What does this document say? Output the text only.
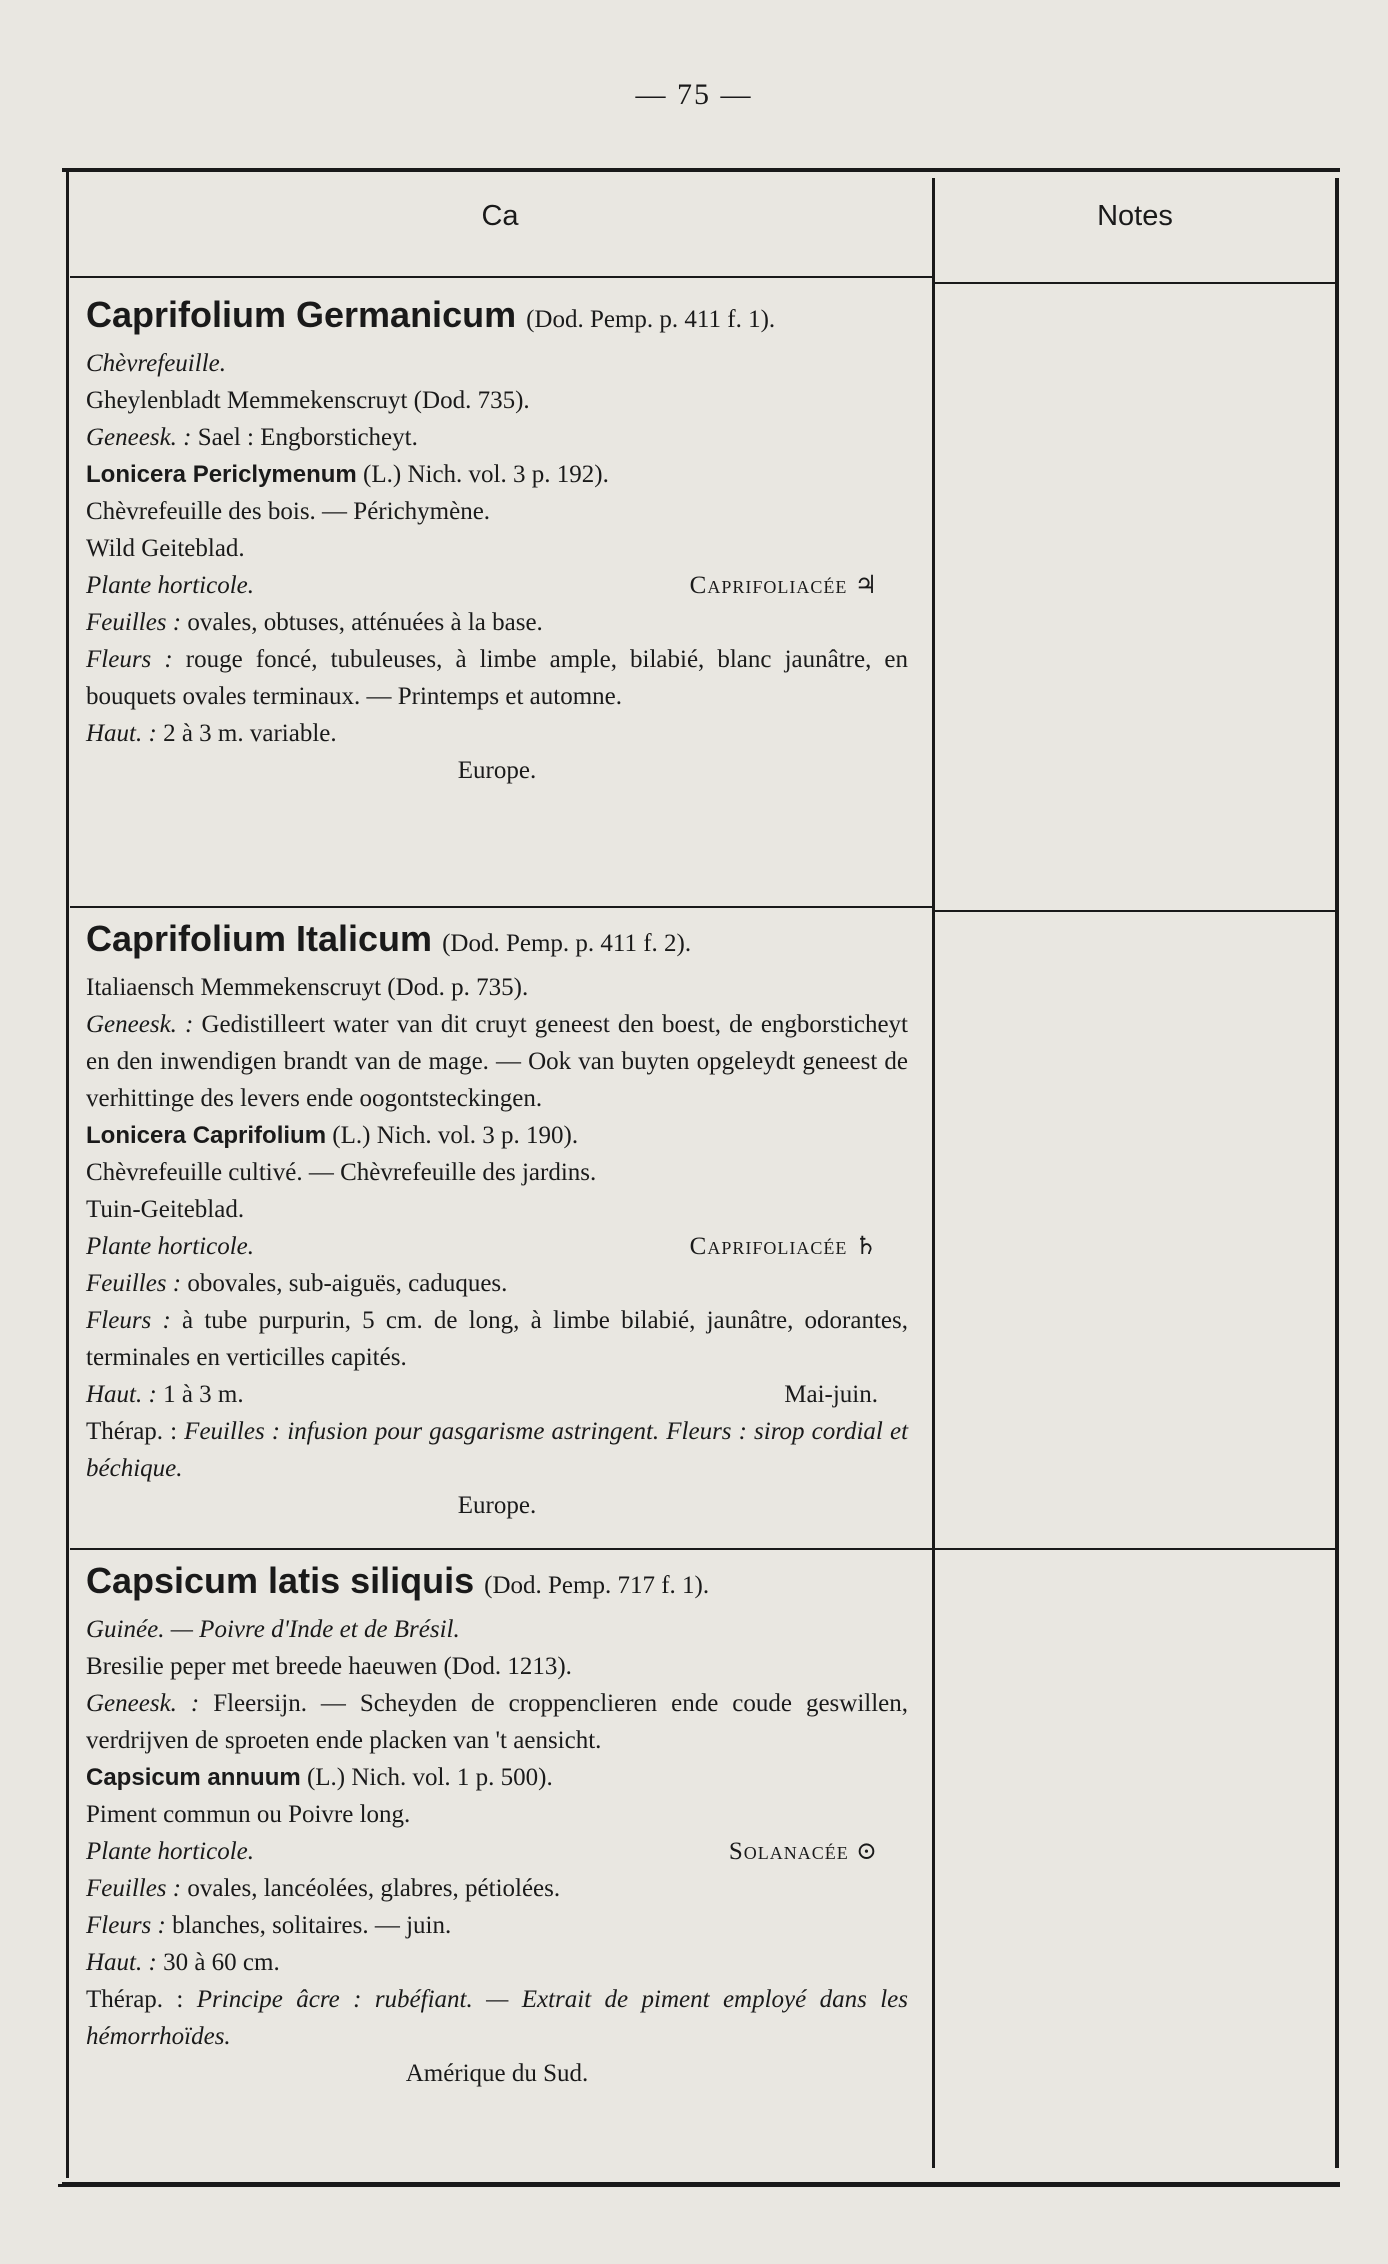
— 75 —
Ca	Notes
Caprifolium Germanicum (Dod. Pemp. p. 411 f. 1).
Chèvrefeuille.
Gheylenbladt Memmekenscruyt (Dod. 735).
Geneesk. : Sael : Engborsticheyt.
Lonicera Periclymenum (L.) Nich. vol. 3 p. 192).
Chèvrefeuille des bois. — Périchymène.
Wild Geiteblad.
Plante horticole.	Caprifoliacée ♃
Feuilles : ovales, obtuses, atténuées à la base.
Fleurs : rouge foncé, tubuleuses, à limbe ample, bilabié, blanc jaunâtre, en bouquets ovales terminaux. — Printemps et automne.
Haut. : 2 à 3 m. variable.
Europe.
Caprifolium Italicum (Dod. Pemp. p. 411 f. 2).
Italiaensch Memmekenscruyt (Dod. p. 735).
Geneesk. : Gedistilleert water van dit cruyt geneest den boest, de engborsticheyt en den inwendigen brandt van de mage. — Ook van buyten opgeleydt geneest de verhittinge des levers ende oogontsteckingen.
Lonicera Caprifolium (L.) Nich. vol. 3 p. 190).
Chèvrefeuille cultivé. — Chèvrefeuille des jardins.
Tuin-Geiteblad.
Plante horticole.	Caprifoliacée ♄
Feuilles : obovales, sub-aiguës, caduques.
Fleurs : à tube purpurin, 5 cm. de long, à limbe bilabié, jaunâtre, odorantes, terminales en verticilles capités.
Haut. : 1 à 3 m.	Mai-juin.
Thérap. : Feuilles : infusion pour gasgarisme astringent. Fleurs : sirop cordial et béchique.
Europe.
Capsicum latis siliquis (Dod. Pemp. 717 f. 1).
Guinée. — Poivre d'Inde et de Brésil.
Bresilie peper met breede haeuwen (Dod. 1213).
Geneesk. : Fleersijn. — Scheyden de croppenclieren ende coude geswillen, verdrijven de sproeten ende placken van 't aensicht.
Capsicum annuum (L.) Nich. vol. 1 p. 500).
Piment commun ou Poivre long.
Plante horticole.	Solanacée ⊙
Feuilles : ovales, lancéolées, glabres, pétiolées.
Fleurs : blanches, solitaires. — juin.
Haut. : 30 à 60 cm.
Thérap. : Principe âcre : rubéfiant. — Extrait de piment employé dans les hémorrhoïdes.
Amérique du Sud.
